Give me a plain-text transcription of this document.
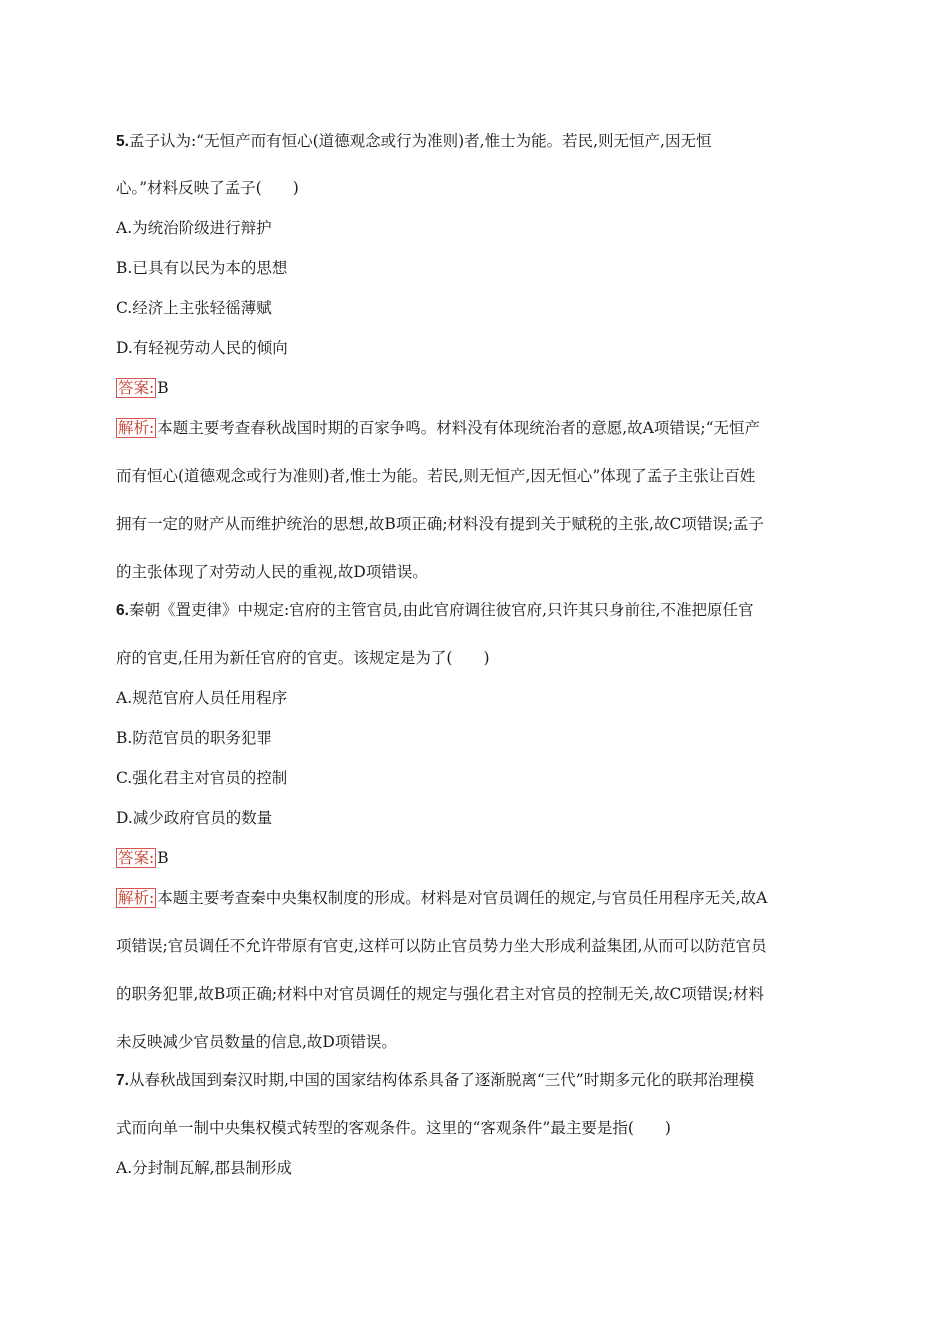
5.孟子认为:“无恒产而有恒心(道德观念或行为准则)者,惟士为能。若民,则无恒产,因无恒
心。”材料反映了孟子(　　)
A.为统治阶级进行辩护
B.已具有以民为本的思想
C.经济上主张轻徭薄赋
D.有轻视劳动人民的倾向
答案: B
解析: 本题主要考查春秋战国时期的百家争鸣。材料没有体现统治者的意愿,故A项错误;“无恒产
而有恒心(道德观念或行为准则)者,惟士为能。若民,则无恒产,因无恒心”体现了孟子主张让百姓
拥有一定的财产从而维护统治的思想,故B项正确;材料没有提到关于赋税的主张,故C项错误;孟子
的主张体现了对劳动人民的重视,故D项错误。
6.秦朝《置吏律》中规定:官府的主管官员,由此官府调往彼官府,只许其只身前往,不准把原任官
府的官吏,任用为新任官府的官吏。该规定是为了(　　)
A.规范官府人员任用程序
B.防范官员的职务犯罪
C.强化君主对官员的控制
D.减少政府官员的数量
答案: B
解析: 本题主要考查秦中央集权制度的形成。材料是对官员调任的规定,与官员任用程序无关,故A
项错误;官员调任不允许带原有官吏,这样可以防止官员势力坐大形成利益集团,从而可以防范官员
的职务犯罪,故B项正确;材料中对官员调任的规定与强化君主对官员的控制无关,故C项错误;材料
未反映减少官员数量的信息,故D项错误。
7.从春秋战国到秦汉时期,中国的国家结构体系具备了逐渐脱离“三代”时期多元化的联邦治理模
式而向单一制中央集权模式转型的客观条件。这里的“客观条件”最主要是指(　　)
A.分封制瓦解,郡县制形成
